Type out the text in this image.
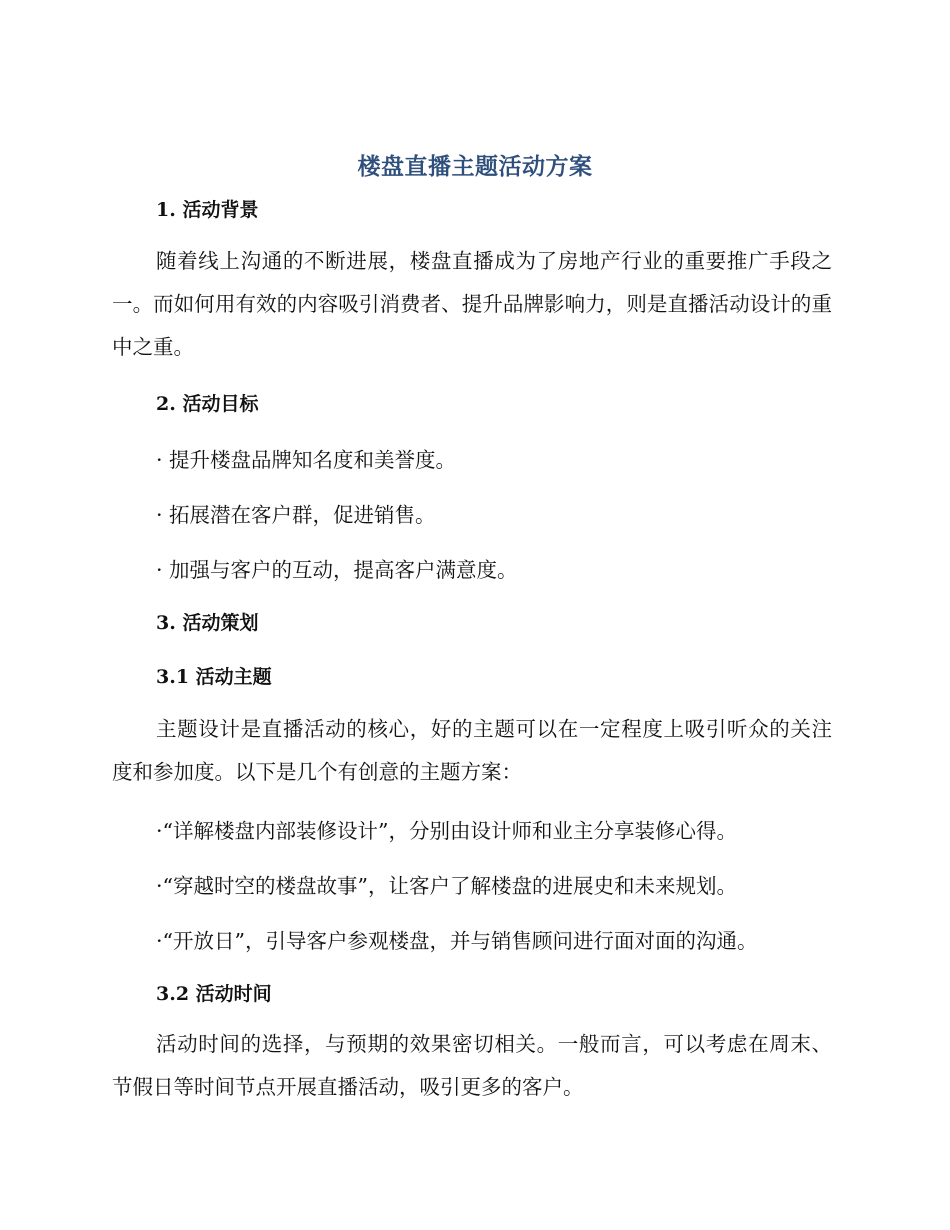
楼盘直播主题活动方案
1. 活动背景
随着线上沟通的不断进展，楼盘直播成为了房地产行业的重要推广手段之一。而如何用有效的内容吸引消费者、提升品牌影响力，则是直播活动设计的重中之重。
2. 活动目标
· 提升楼盘品牌知名度和美誉度。
· 拓展潜在客户群，促进销售。
· 加强与客户的互动，提高客户满意度。
3. 活动策划
3.1 活动主题
主题设计是直播活动的核心，好的主题可以在一定程度上吸引听众的关注度和参加度。以下是几个有创意的主题方案：
·“详解楼盘内部装修设计”，分别由设计师和业主分享装修心得。
·“穿越时空的楼盘故事”，让客户了解楼盘的进展史和未来规划。
·“开放日”，引导客户参观楼盘，并与销售顾问进行面对面的沟通。
3.2 活动时间
活动时间的选择，与预期的效果密切相关。一般而言，可以考虑在周末、节假日等时间节点开展直播活动，吸引更多的客户。
